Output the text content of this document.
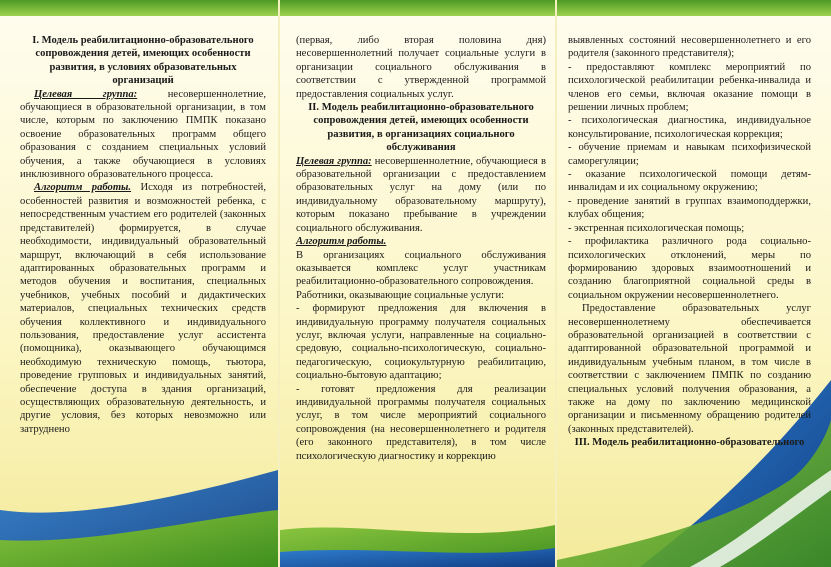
I. Модель реабилитационно-образовательного сопровождения детей, имеющих особенности развития, в условиях образовательных организаций

Целевая группа: несовершеннолетние, обучающиеся в образовательной организации, в том числе, которым по заключению ПМПК показано освоение образовательных программ общего образования с созданием специальных условий обучения, а также обучающиеся в условиях инклюзивного образовательного процесса.

Алгоритм работы. Исходя из потребностей, особенностей развития и возможностей ребенка, с непосредственным участием его родителей (законных представителей) формируется, в случае необходимости, индивидуальный образовательный маршрут, включающий в себя использование адаптированных образовательных программ и методов обучения и воспитания, специальных учебников, учебных пособий и дидактических материалов, специальных технических средств обучения коллективного и индивидуального пользования, предоставление услуг ассистента (помощника), оказывающего обучающимся необходимую техническую помощь, тьютора, проведение групповых и индивидуальных занятий, обеспечение доступа в здания организаций, осуществляющих образовательную деятельность, и другие условия, без которых невозможно или затруднено

(первая, либо вторая половина дня) несовершеннолетний получает социальные услуги в организации социального обслуживания в соответствии с утвержденной программой предоставления социальных услуг.

II. Модель реабилитационно-образовательного сопровождения детей, имеющих особенности развития, в организациях социального обслуживания

Целевая группа: несовершеннолетние, обучающиеся в образовательной организации с предоставлением образовательных услуг на дому (или по индивидуальному образовательному маршруту), которым показано пребывание в учреждении социального обслуживания.

Алгоритм работы.

В организациях социального обслуживания оказывается комплекс услуг участникам реабилитационно-образовательного сопровождения.

Работники, оказывающие социальные услуги:

- формируют предложения для включения в индивидуальную программу получателя социальных услуг, включая услуги, направленные на социально-средовую, социально-психологическую, социально-педагогическую, социокультурную реабилитацию, социально-бытовую адаптацию;

- готовят предложения для реализации индивидуальной программы получателя социальных услуг, в том числе мероприятий социального сопровождения (на несовершеннолетнего и родителя (его законного представителя), в том числе психологическую диагностику и коррекцию

выявленных состояний несовершеннолетнего и его родителя (законного представителя);

- предоставляют комплекс мероприятий по психологической реабилитации ребенка-инвалида и членов его семьи, включая оказание помощи в решении личных проблем;

- психологическая диагностика, индивидуальное консультирование, психологическая коррекция;

- обучение приемам и навыкам психофизической саморегуляции;

- оказание психологической помощи детям-инвалидам и их социальному окружению;

- проведение занятий в группах взаимоподдержки, клубах общения;

- экстренная психологическая помощь;

- профилактика различного рода социально-психологических отклонений, меры по формированию здоровых взаимоотношений и созданию благоприятной социальной среды в социальном окружении несовершеннолетнего.

Предоставление образовательных услуг несовершеннолетнему обеспечивается образовательной организацией в соответствии с адаптированной образовательной программой и индивидуальным учебным планом, в том числе в соответствии с заключением ПМПК по созданию специальных условий получения образования, а также на дому по заключению медицинской организации и письменному обращению родителей (законных представителей).

III. Модель реабилитационно-образовательного
